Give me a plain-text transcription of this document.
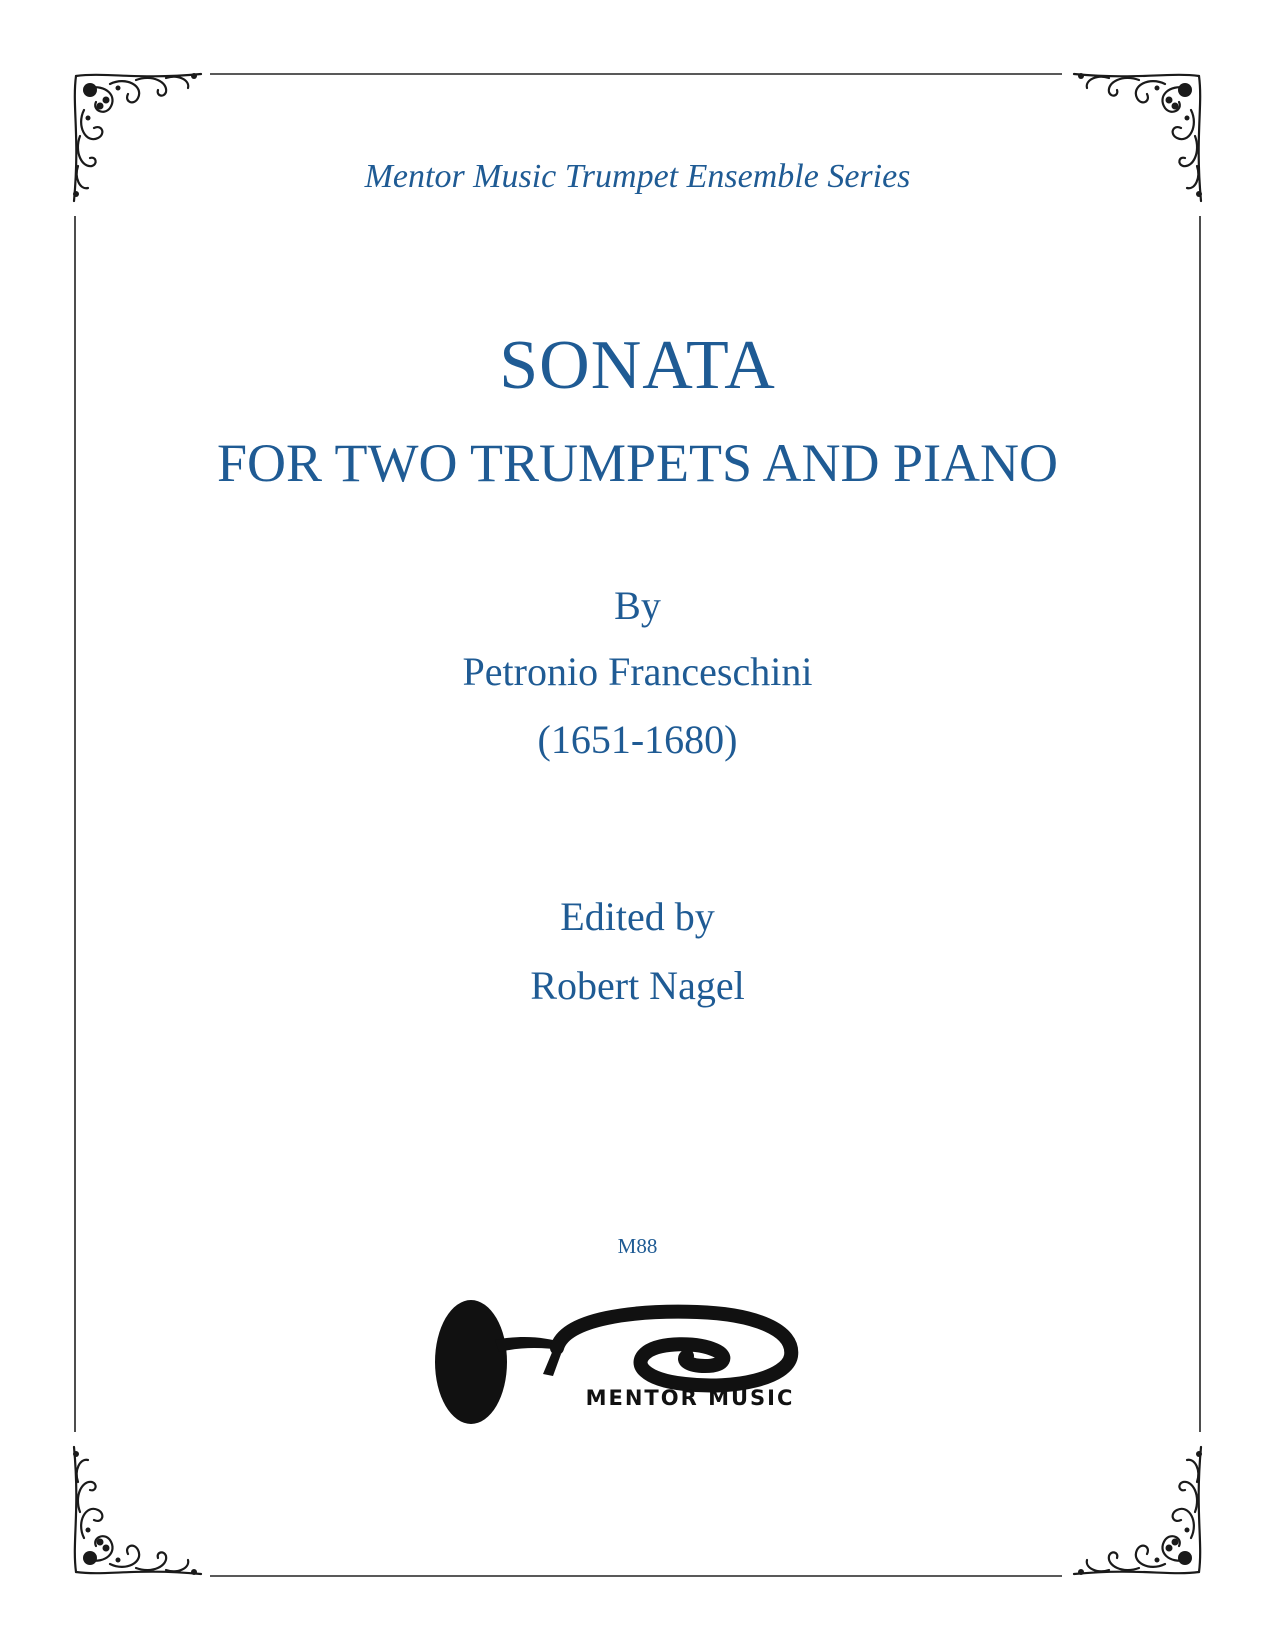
Mentor Music Trumpet Ensemble Series
SONATA
FOR TWO TRUMPETS AND PIANO
By
Petronio Franceschini
(1651-1680)
Edited by
Robert Nagel
M88
MENTOR MUSIC
